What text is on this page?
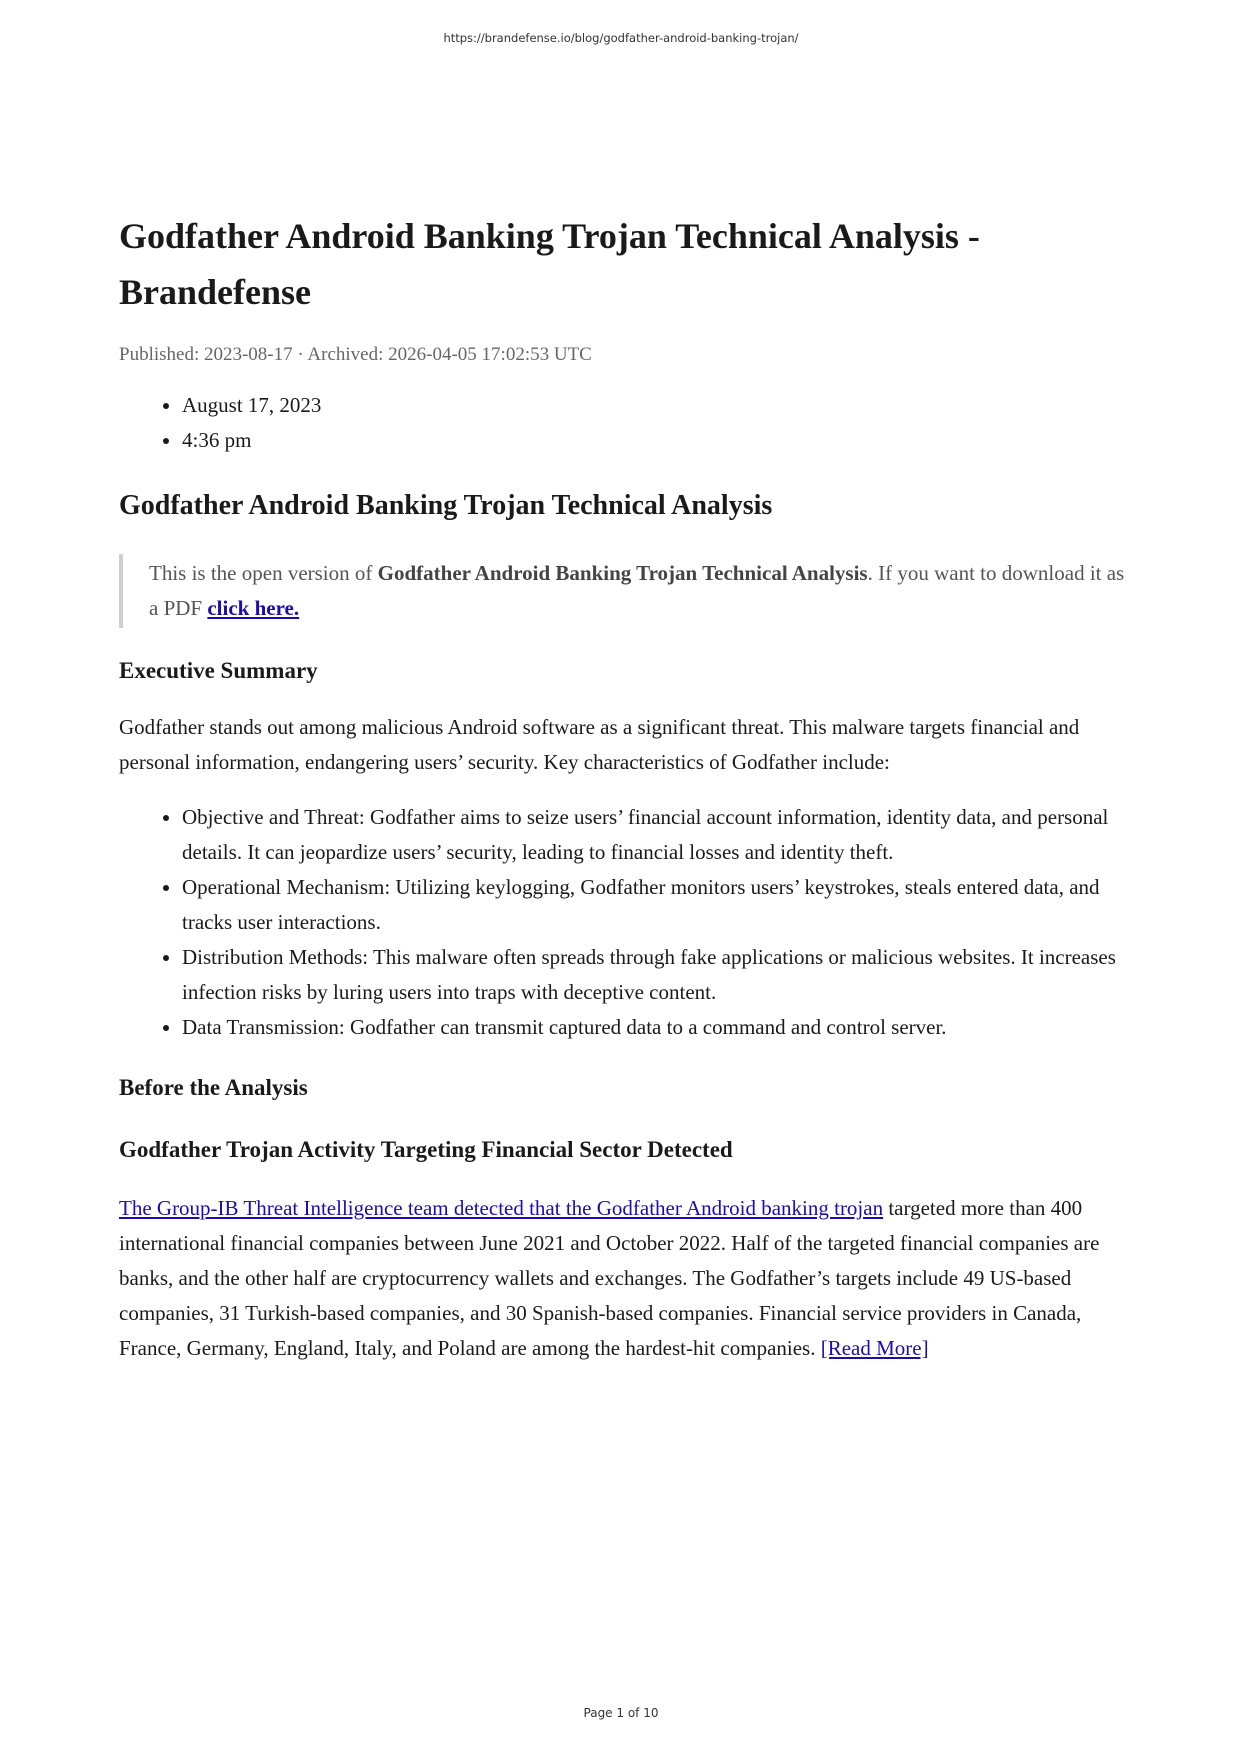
https://brandefense.io/blog/godfather-android-banking-trojan/
Godfather Android Banking Trojan Technical Analysis - Brandefense
Published: 2023-08-17 · Archived: 2026-04-05 17:02:53 UTC
• August 17, 2023
• 4:36 pm
Godfather Android Banking Trojan Technical Analysis
This is the open version of Godfather Android Banking Trojan Technical Analysis. If you want to download it as a PDF click here.
Executive Summary

Godfather stands out among malicious Android software as a significant threat. This malware targets financial and personal information, endangering users’ security. Key characteristics of Godfather include:

• Objective and Threat: Godfather aims to seize users’ financial account information, identity data, and personal details. It can jeopardize users’ security, leading to financial losses and identity theft.
• Operational Mechanism: Utilizing keylogging, Godfather monitors users’ keystrokes, steals entered data, and tracks user interactions.
• Distribution Methods: This malware often spreads through fake applications or malicious websites. It increases infection risks by luring users into traps with deceptive content.
• Data Transmission: Godfather can transmit captured data to a command and control server.
Before the Analysis
Godfather Trojan Activity Targeting Financial Sector Detected

The Group-IB Threat Intelligence team detected that the Godfather Android banking trojan targeted more than 400 international financial companies between June 2021 and October 2022. Half of the targeted financial companies are banks, and the other half are cryptocurrency wallets and exchanges. The Godfather’s targets include 49 US-based companies, 31 Turkish-based companies, and 30 Spanish-based companies. Financial service providers in Canada, France, Germany, England, Italy, and Poland are among the hardest-hit companies. [Read More]

Page 1 of 10
